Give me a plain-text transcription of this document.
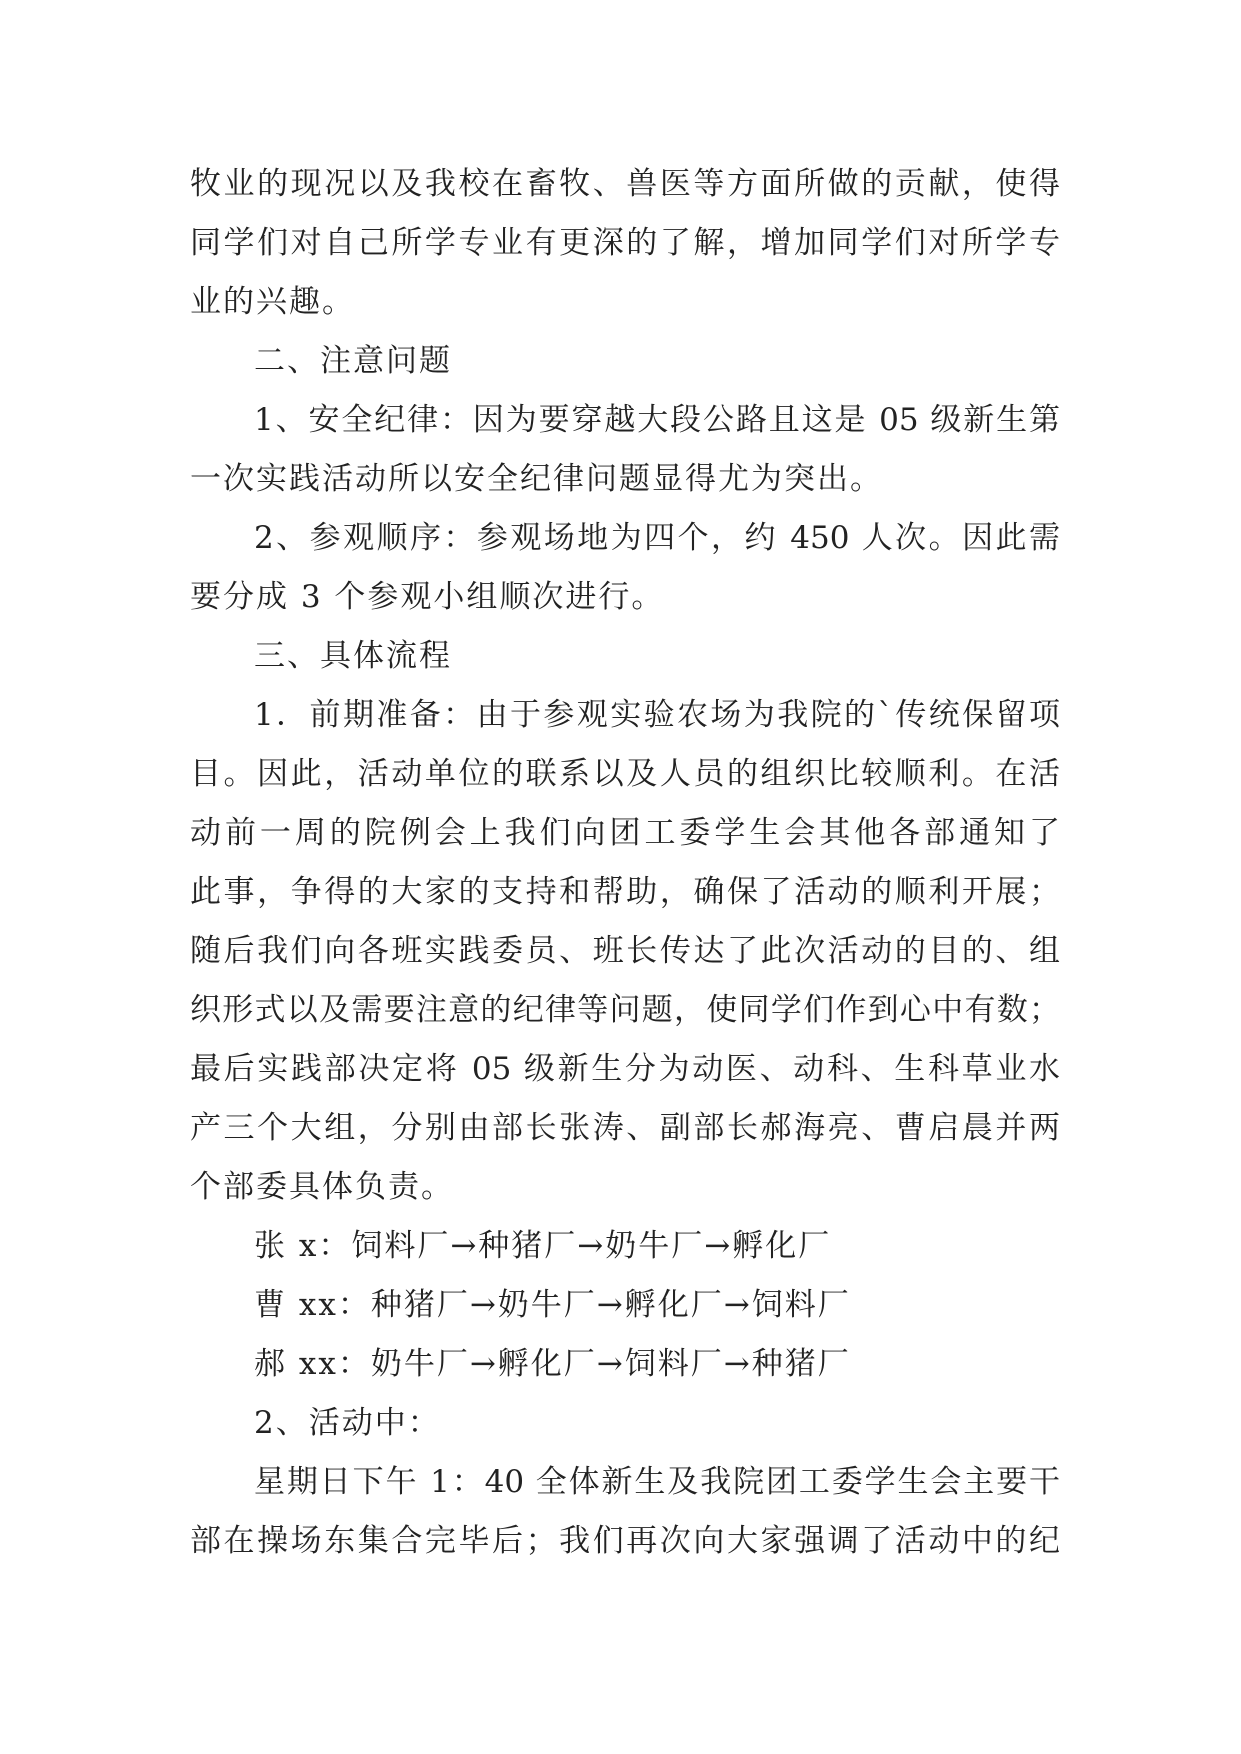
牧业的现况以及我校在畜牧、兽医等方面所做的贡献，使得
同学们对自己所学专业有更深的了解，增加同学们对所学专
业的兴趣。
二、注意问题
1、安全纪律：因为要穿越大段公路且这是 05 级新生第
一次实践活动所以安全纪律问题显得尤为突出。
2、参观顺序：参观场地为四个，约 450 人次。因此需
要分成 3 个参观小组顺次进行。
三、具体流程
1．前期准备：由于参观实验农场为我院的`传统保留项
目。因此，活动单位的联系以及人员的组织比较顺利。在活
动前一周的院例会上我们向团工委学生会其他各部通知了
此事，争得的大家的支持和帮助，确保了活动的顺利开展；
随后我们向各班实践委员、班长传达了此次活动的目的、组
织形式以及需要注意的纪律等问题，使同学们作到心中有数；
最后实践部决定将 05 级新生分为动医、动科、生科草业水
产三个大组，分别由部长张涛、副部长郝海亮、曹启晨并两
个部委具体负责。
张 x：饲料厂→种猪厂→奶牛厂→孵化厂
曹 xx：种猪厂→奶牛厂→孵化厂→饲料厂
郝 xx：奶牛厂→孵化厂→饲料厂→种猪厂
2、活动中：
星期日下午 1：40 全体新生及我院团工委学生会主要干
部在操场东集合完毕后；我们再次向大家强调了活动中的纪
